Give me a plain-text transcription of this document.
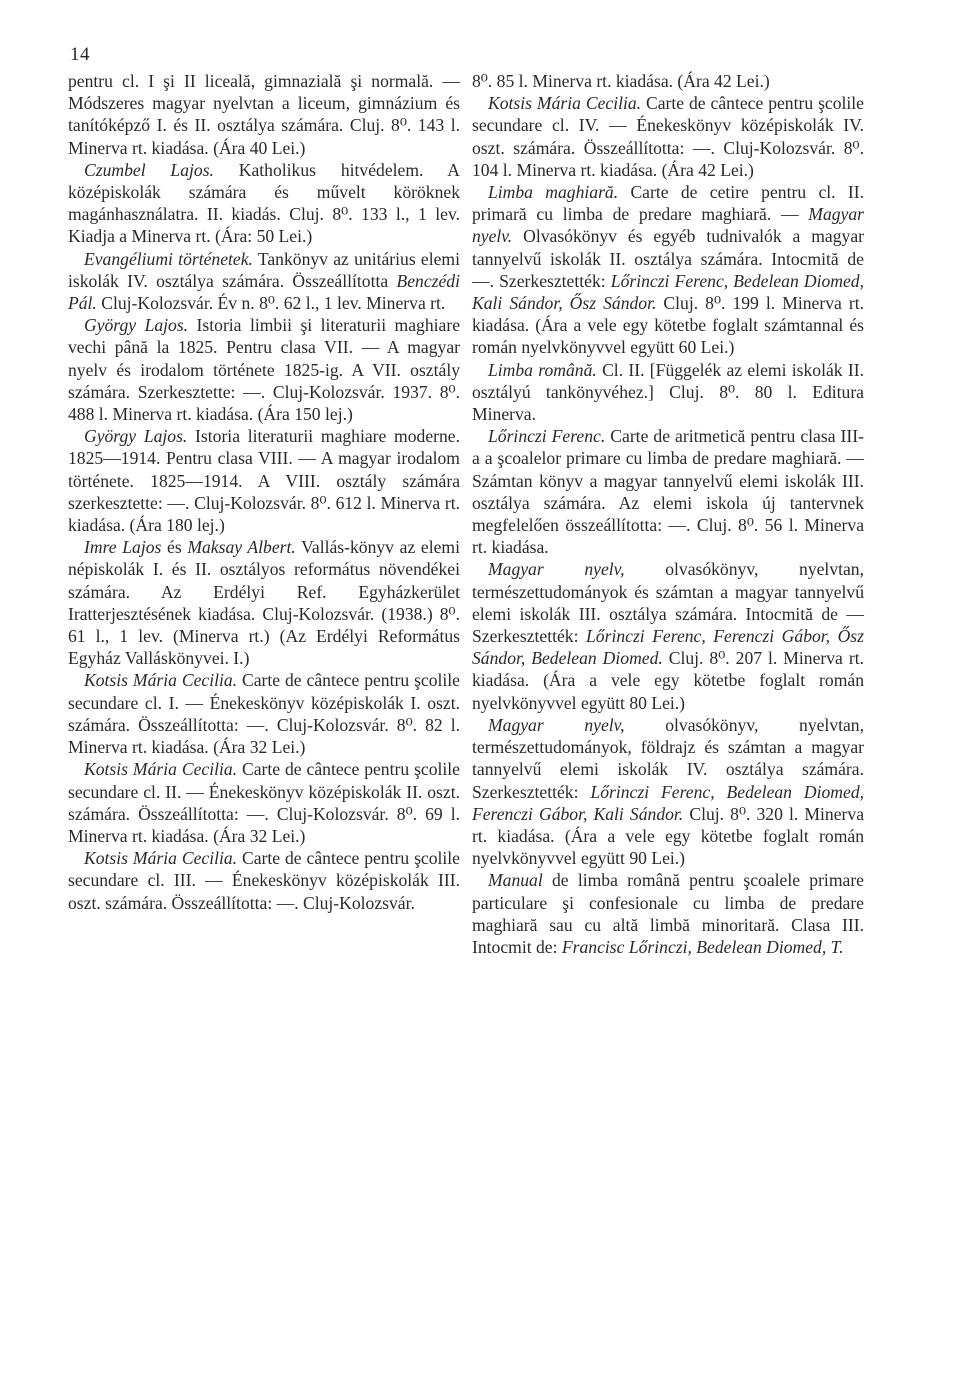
14

pentru cl. I şi II liceală, gimnazială şi normală. — Módszeres magyar nyelvtan a liceum, gimnázium és tanítóképző I. és II. osztálya számára. Cluj. 8⁰. 143 l. Minerva rt. kiadása. (Ára 40 Lei.)

Czumbel Lajos. Katholikus hitvédelem. A középiskolák számára és művelt köröknek magánhasználatra. II. kiadás. Cluj. 8⁰. 133 l., 1 lev. Kiadja a Minerva rt. (Ára: 50 Lei.)

Evangéliumi történetek. Tankönyv az unitárius elemi iskolák IV. osztálya számára. Összeállította Benczédi Pál. Cluj-Kolozsvár. Év n. 8⁰. 62 l., 1 lev. Minerva rt.

György Lajos. Istoria limbii şi literaturii maghiare vechi până la 1825. Pentru clasa VII. — A magyar nyelv és irodalom története 1825-ig. A VII. osztály számára. Szerkesztette: —. Cluj-Kolozsvár. 1937. 8⁰. 488 l. Minerva rt. kiadása. (Ára 150 lej.)

György Lajos. Istoria literaturii maghiare moderne. 1825—1914. Pentru clasa VIII. — A magyar irodalom története. 1825—1914. A VIII. osztály számára szerkesztette: —. Cluj-Kolozsvár. 8⁰. 612 l. Minerva rt. kiadása. (Ára 180 lej.)

Imre Lajos és Maksay Albert. Vallás-könyv az elemi népiskolák I. és II. osztályos református növendékei számára. Az Erdélyi Ref. Egyházkerület Iratterjesztésének kiadása. Cluj-Kolozsvár. (1938.) 8⁰. 61 l., 1 lev. (Minerva rt.) (Az Erdélyi Református Egyház Valláskönyvei. I.)

Kotsis Mária Cecilia. Carte de cântece pentru şcolile secundare cl. I. — Énekeskönyv középiskolák I. oszt. számára. Összeállította: —. Cluj-Kolozsvár. 8⁰. 82 l. Minerva rt. kiadása. (Ára 32 Lei.)

Kotsis Mária Cecilia. Carte de cântece pentru şcolile secundare cl. II. — Énekeskönyv középiskolák II. oszt. számára. Összeállította: —. Cluj-Kolozsvár. 8⁰. 69 l. Minerva rt. kiadása. (Ára 32 Lei.)

Kotsis Mária Cecilia. Carte de cântece pentru şcolile secundare cl. III. — Énekeskönyv középiskolák III. oszt. számára. Összeállította: —. Cluj-Kolozsvár.

8⁰. 85 l. Minerva rt. kiadása. (Ára 42 Lei.)

Kotsis Mária Cecilia. Carte de cântece pentru şcolile secundare cl. IV. — Énekeskönyv középiskolák IV. oszt. számára. Összeállította: —. Cluj-Kolozsvár. 8⁰. 104 l. Minerva rt. kiadása. (Ára 42 Lei.)

Limba maghiară. Carte de cetire pentru cl. II. primară cu limba de predare maghiară. — Magyar nyelv. Olvasókönyv és egyéb tudnivalók a magyar tannyelvű iskolák II. osztálya számára. Intocmită de —. Szerkesztették: Lőrinczi Ferenc, Bedelean Diomed, Kali Sándor, Ősz Sándor. Cluj. 8⁰. 199 l. Minerva rt. kiadása. (Ára a vele egy kötetbe foglalt számtannal és román nyelvkönyvvel együtt 60 Lei.)

Limba română. Cl. II. [Függelék az elemi iskolák II. osztályú tankönyvéhez.] Cluj. 8⁰. 80 l. Editura Minerva.

Lőrinczi Ferenc. Carte de aritmetică pentru clasa III-a a şcoalelor primare cu limba de predare maghiară. — Számtan könyv a magyar tannyelvű elemi iskolák III. osztálya számára. Az elemi iskola új tantervnek megfelelően összeállította: —. Cluj. 8⁰. 56 l. Minerva rt. kiadása.

Magyar nyelv, olvasókönyv, nyelvtan, természettudományok és számtan a magyar tannyelvű elemi iskolák III. osztálya számára. Intocmită de — Szerkesztették: Lőrinczi Ferenc, Ferenczi Gábor, Ősz Sándor, Bedelean Diomed. Cluj. 8⁰. 207 l. Minerva rt. kiadása. (Ára a vele egy kötetbe foglalt román nyelvkönyvvel együtt 80 Lei.)

Magyar nyelv, olvasókönyv, nyelvtan, természettudományok, földrajz és számtan a magyar tannyelvű elemi iskolák IV. osztálya számára. Szerkesztették: Lőrinczi Ferenc, Bedelean Diomed, Ferenczi Gábor, Kali Sándor. Cluj. 8⁰. 320 l. Minerva rt. kiadása. (Ára a vele egy kötetbe foglalt román nyelvkönyvvel együtt 90 Lei.)

Manual de limba română pentru şcoalele primare particulare şi confesionale cu limba de predare maghiară sau cu altă limbă minoritară. Clasa III. Intocmit de: Francisc Lőrinczi, Bedelean Diomed, T.
